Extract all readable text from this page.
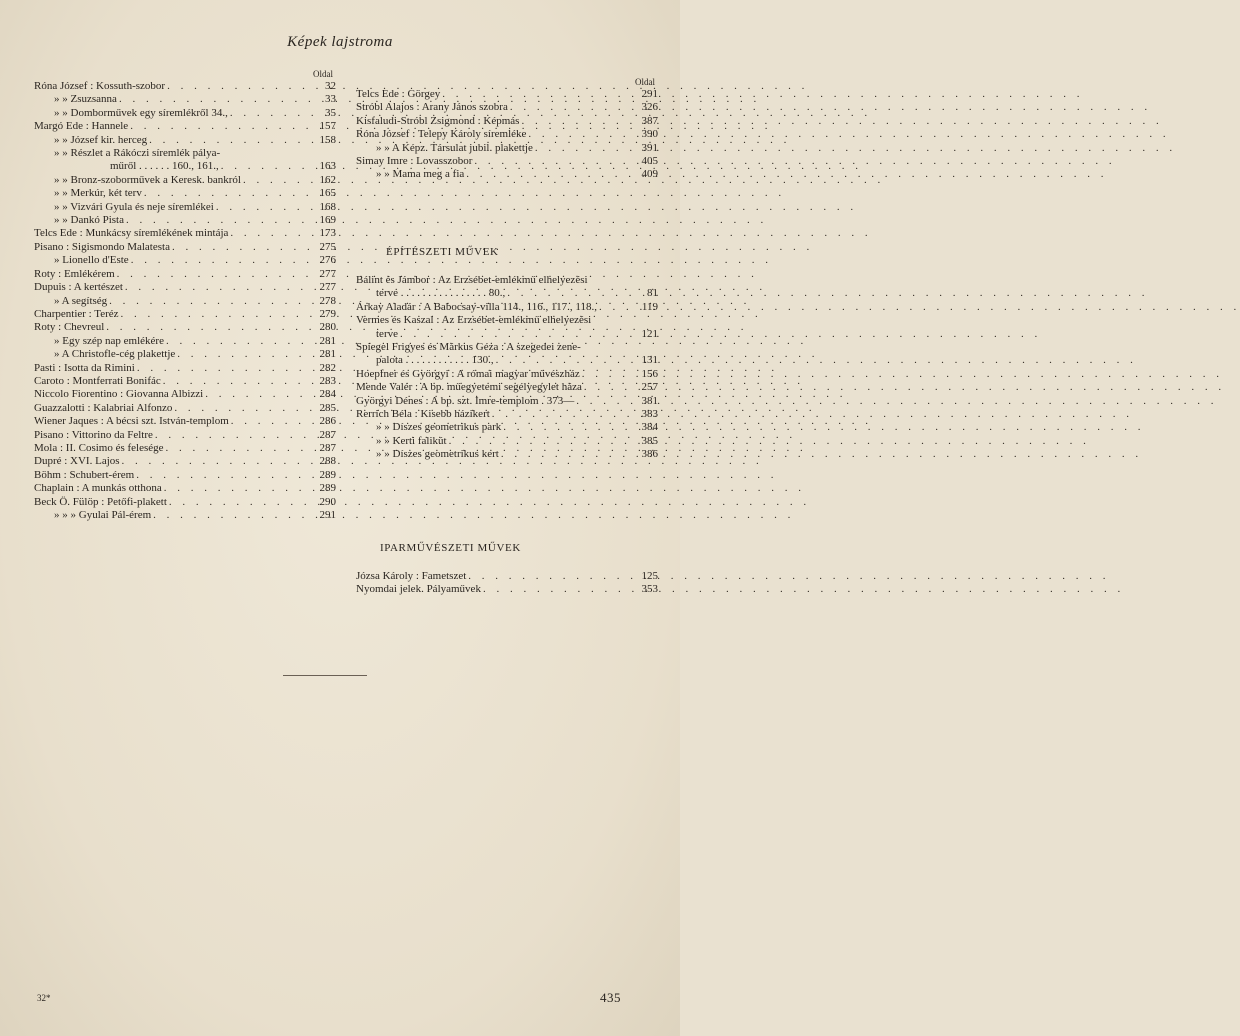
Képek lajstroma
Oldal
Róna József : Kossuth-szobor . . .	32
» » Zsuzsanna . . .	33
» » Domborművek egy síremlékről 34., . . .	35
Margó Ede : Hannele . . .	157
» » József kir. herceg . . .	158
» » Részlet a Rákóczi síremlék pálya-
műről . . . . . . 160., 161., . . .	163
» » Bronz-szoborművek a Keresk. bankról . . .	162
» » Merkúr, két terv . . .	165
» » Vizvári Gyula és neje síremlékei . . .	168
» » Dankó Pista . . .	169
Telcs Ede : Munkácsy síremlékének mintája . . .	173
Pisano : Sigismondo Malatesta . . .	275
» Lionello d'Este . . .	276
Roty : Emlékérem . . .	277
Dupuis : A kertészet . . .	277
» A segítség . . .	278
Charpentier : Teréz . . .	279
Roty : Chevreul . . .	280
» Egy szép nap emlékére . . .	281
» A Christofle-cég plakettje . . .	281
Pasti : Isotta da Rimini . . .	282
Caroto : Montferrati Bonifác . . .	283
Niccolo Fiorentino : Giovanna Albizzi . . .	284
Guazzalotti : Kalabriai Alfonzo . . .	285
Wiener Jaques : A bécsi szt. István-templom . . .	286
Pisano : Vittorino da Feltre . . .	287
Mola : II. Cosimo és felesége . . .	287
Dupré : XVI. Lajos . . .	288
Böhm : Schubert-érem . . .	289
Chaplain : A munkás otthona . . .	289
Beck Ö. Fülöp : Petőfi-plakett . . .	290
» » » Gyulai Pál-érem . . .	291
Oldal
Telcs Ede : Görgey . . .	291
Stróbl Alajos : Arany János szobra . . .	326
Kisfaludi-Stróbl Zsigmond : Képmás . . .	387
Róna József : Telepy Károly síremléke . . .	390
» » A Képz. Társulat jubil. plakettje . . .	391
Simay Imre : Lovasszobor . . .	405
» » Mama meg a fia . . .	409
ÉPÍTÉSZETI MŰVEK
Bálint és Jámbor : Az Erzsébet-emlékmű elhelyezési
terve . . . . . . . . . . . . . . . . 80., . . .	81
Árkay Aladár : A Babocsay-villa 114., 116., 117., 118., . . .	119
Vermes és Kaszal : Az Erzsébet-emlékmű elhelyezési
terve . . .	121
Spiegel Frigyes és Márkus Géza : A szegedei zene-
palota . . . . . . . . . . . . 130., . . .	131
Hoepfner és Györgyi : A római magyar művészház . . .	156
Mende Valér : A bp. műegyetemi segélyegylet háza . . .	257
Györgyi Dénes : A bp. szt. Imre-templom . 373— . . .	381
Rerrich Béla : Kisebb házikert . . .	383
» » Díszes geometrikus park . . .	384
» » Kerti falikút . . .	385
» » Díszes geometrikus kert . . .	386
IPARMŰVÉSZETI MŰVEK
Józsa Károly : Fametszet . . .	125
Nyomdai jelek. Pályaművek . . .	353
32*	435
